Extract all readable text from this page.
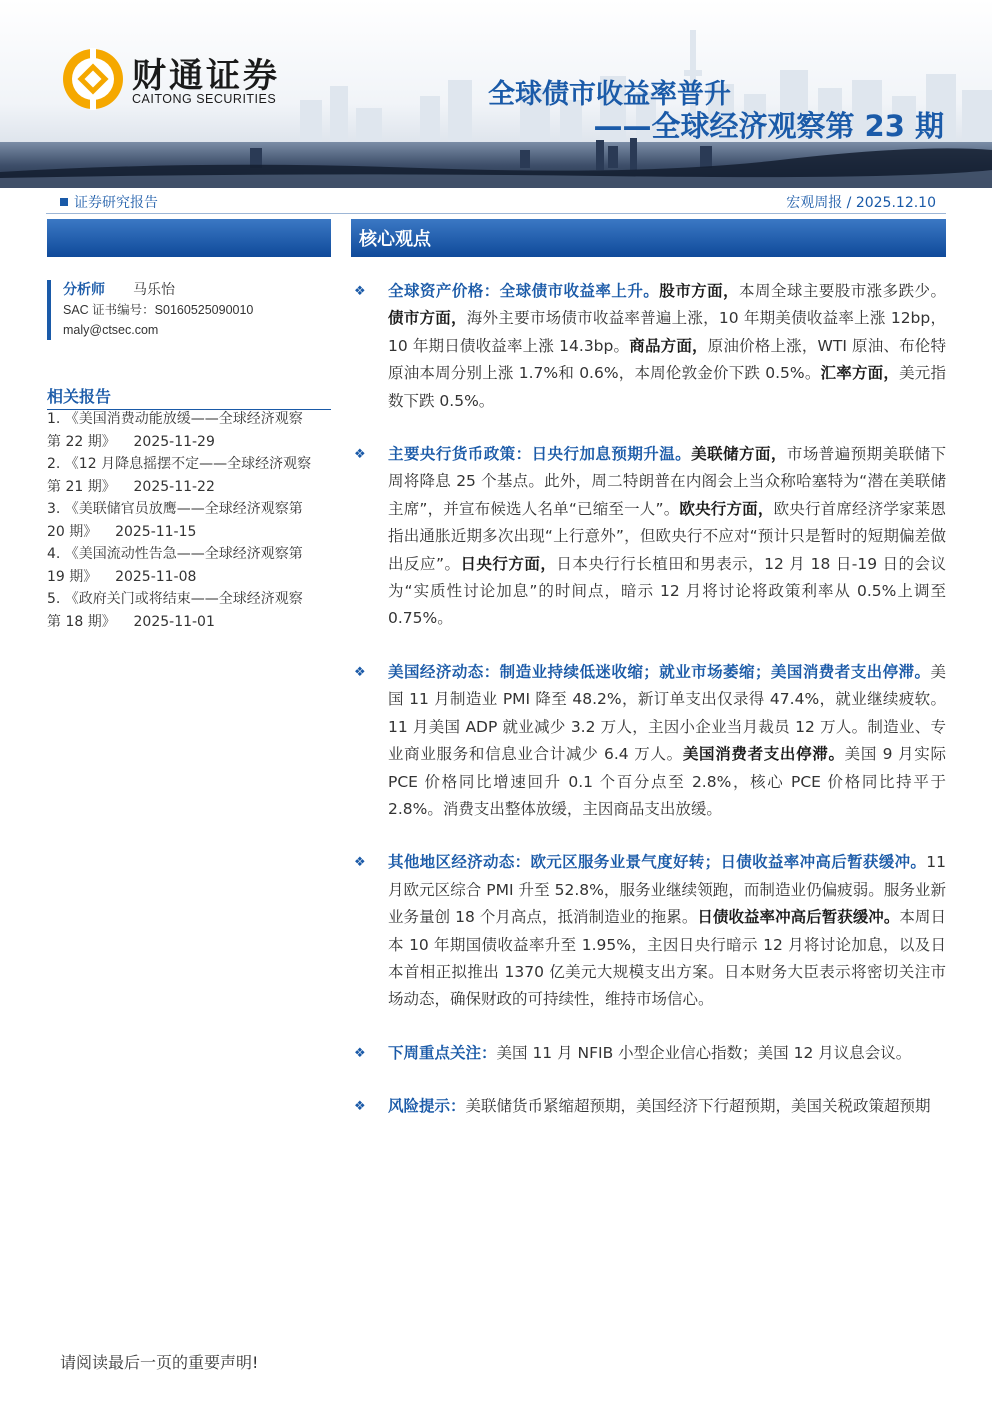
财通证券
CAITONG SECURITIES	全球债市收益率普升
——全球经济观察第 23 期
证券研究报告	宏观周报 / 2025.12.10
分析师 马乐怡
SAC 证书编号：S0160525090010
maly@ctsec.com
相关报告
1. 《美国消费动能放缓——全球经济观察
第 22 期》    2025-11-29
2. 《12 月降息摇摆不定——全球经济观察
第 21 期》    2025-11-22
3. 《美联储官员放鹰——全球经济观察第
20 期》    2025-11-15
4. 《美国流动性告急——全球经济观察第
19 期》    2025-11-08
5. 《政府关门或将结束——全球经济观察
第 18 期》    2025-11-01
核心观点
❖	全球资产价格：全球债市收益率上升。股市方面，本周全球主要股市涨多跌少。债市方面，海外主要市场债市收益率普遍上涨，10 年期美债收益率上涨 12bp，10 年期日债收益率上涨 14.3bp。商品方面，原油价格上涨，WTI 原油、布伦特原油本周分别上涨 1.7%和 0.6%，本周伦敦金价下跌 0.5%。汇率方面，美元指数下跌 0.5%。
❖	主要央行货币政策：日央行加息预期升温。美联储方面，市场普遍预期美联储下周将降息 25 个基点。此外，周二特朗普在内阁会上当众称哈塞特为“潜在美联储主席”，并宣布候选人名单“已缩至一人”。欧央行方面，欧央行首席经济学家莱恩指出通胀近期多次出现“上行意外”，但欧央行不应对“预计只是暂时的短期偏差做出反应”。日央行方面，日本央行行长植田和男表示，12 月 18 日-19 日的会议为“实质性讨论加息”的时间点，暗示 12 月将讨论将政策利率从 0.5%上调至 0.75%。
❖	美国经济动态：制造业持续低迷收缩；就业市场萎缩；美国消费者支出停滞。美国 11 月制造业 PMI 降至 48.2%，新订单支出仅录得 47.4%，就业继续疲软。11 月美国 ADP 就业减少 3.2 万人，主因小企业当月裁员 12 万人。制造业、专业商业服务和信息业合计减少 6.4 万人。美国消费者支出停滞。美国 9 月实际 PCE 价格同比增速回升 0.1 个百分点至 2.8%，核心 PCE 价格同比持平于 2.8%。消费支出整体放缓，主因商品支出放缓。
❖	其他地区经济动态：欧元区服务业景气度好转；日债收益率冲高后暂获缓冲。11 月欧元区综合 PMI 升至 52.8%，服务业继续领跑，而制造业仍偏疲弱。服务业新业务量创 18 个月高点，抵消制造业的拖累。日债收益率冲高后暂获缓冲。本周日本 10 年期国债收益率升至 1.95%，主因日央行暗示 12 月将讨论加息，以及日本首相正拟推出 1370 亿美元大规模支出方案。日本财务大臣表示将密切关注市场动态，确保财政的可持续性，维持市场信心。
❖	下周重点关注：美国 11 月 NFIB 小型企业信心指数；美国 12 月议息会议。
❖	风险提示：美联储货币紧缩超预期，美国经济下行超预期，美国关税政策超预期
请阅读最后一页的重要声明!
